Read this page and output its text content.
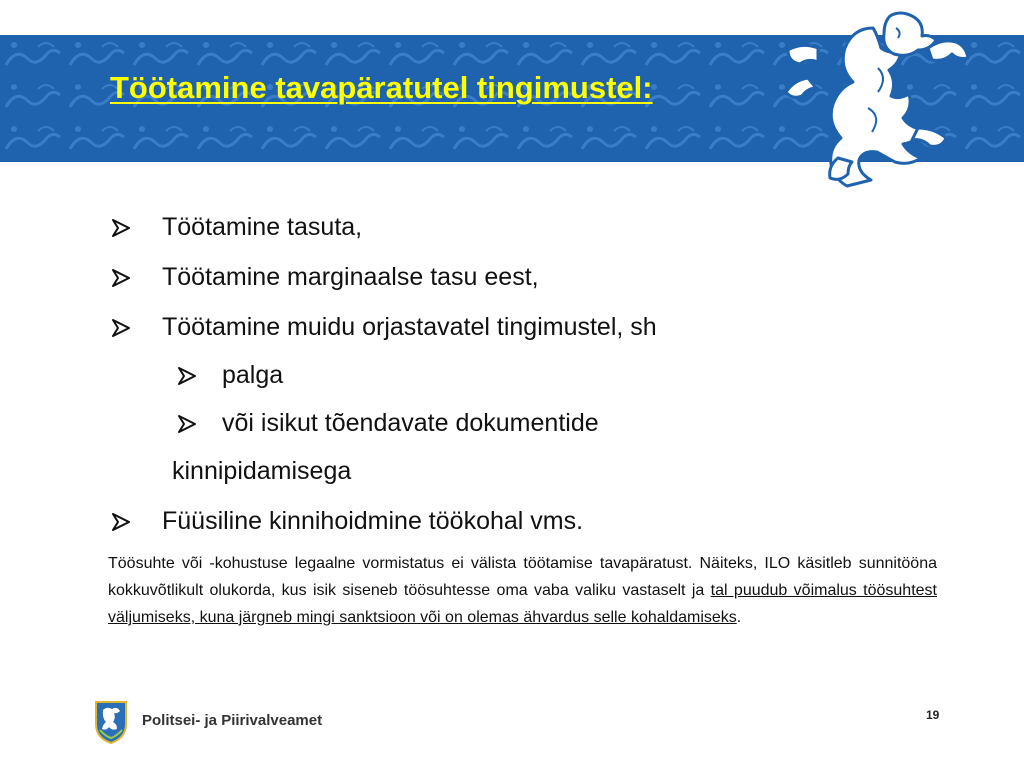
Töötamine tavapäratutel tingimustel:
Töötamine tasuta,
Töötamine marginaalse tasu eest,
Töötamine muidu orjastavatel tingimustel, sh
palga
või isikut tõendavate dokumentide
Füüsiline kinnihoidmine töökohal vms.
kinnipidamisega

Töösuhte või -kohustuse legaalne vormistatus ei välista töötamise tavapäratust. Näiteks, ILO käsitleb sunnitööna kokkuvõtlikult olukorda, kus isik siseneb töösuhtesse oma vaba valiku vastaselt ja tal puudub võimalus töösuhtest väljumiseks, kuna järgneb mingi sanktsioon või on olemas ähvardus selle kohaldamiseks.

Politsei- ja Piirivalveamet	19
